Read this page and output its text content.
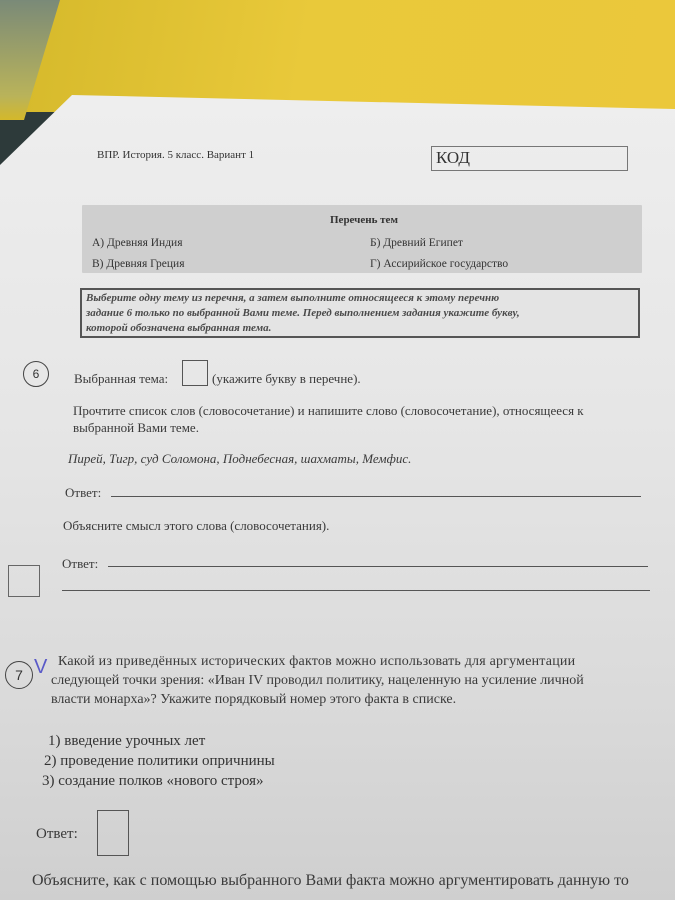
ВПР. История. 5 класс. Вариант 1	КОД
Перечень тем
А) Древняя Индия	Б) Древний Египет
В) Древняя Греция	Г) Ассирийское государство
Выберите одну тему из перечня, а затем выполните относящееся к этому перечню
задание 6 только по выбранной Вами теме. Перед выполнением задания укажите букву,
которой обозначена выбранная тема.
6	Выбранная тема:	(укажите букву в перечне).
Прочтите список слов (словосочетание) и напишите слово (словосочетание), относящееся к
выбранной Вами теме.
Пирей, Тигр, суд Соломона, Поднебесная, шахматы, Мемфис.
Ответ:
Объясните смысл этого слова (словосочетания).
Ответ:
7 V Какой из приведённых исторических фактов можно использовать для аргументации
следующей точки зрения: «Иван IV проводил политику, нацеленную на усиление личной
власти монарха»? Укажите порядковый номер этого факта в списке.
1) введение урочных лет
2) проведение политики опричнины
3) создание полков «нового строя»
Ответ:
Объясните, как с помощью выбранного Вами факта можно аргументировать данную то
